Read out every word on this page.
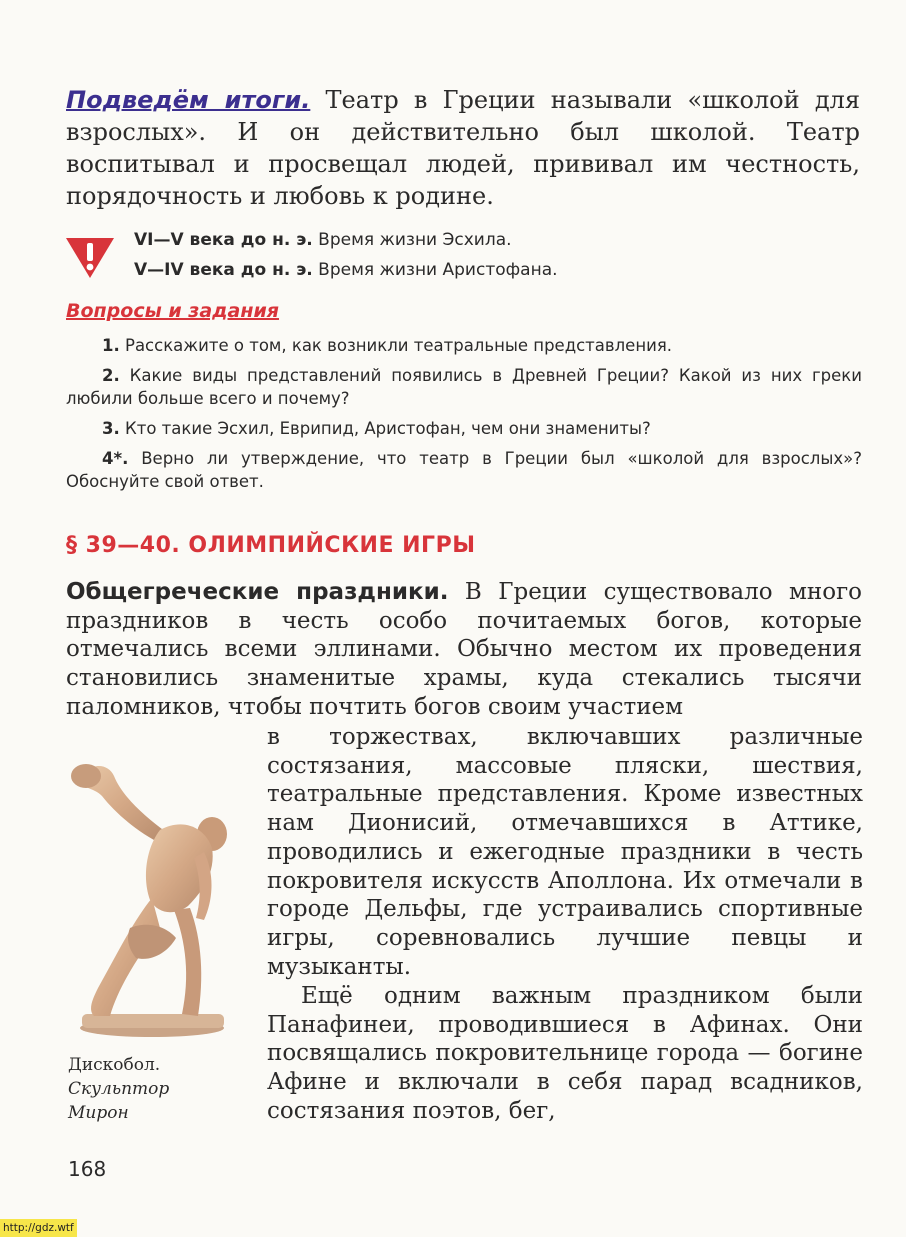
Подведём итоги. Театр в Греции называли «школой для взрослых». И он действительно был школой. Театр воспитывал и просвещал людей, прививал им честность, порядочность и любовь к родине.
VI—V века до н. э. Время жизни Эсхила.
V—IV века до н. э. Время жизни Аристофана.
Вопросы и задания
1. Расскажите о том, как возникли театральные представления.
2. Какие виды представлений появились в Древней Греции? Какой из них греки любили больше всего и почему?
3. Кто такие Эсхил, Еврипид, Аристофан, чем они знамениты?
4*. Верно ли утверждение, что театр в Греции был «школой для взрослых»? Обоснуйте свой ответ.
§ 39—40. ОЛИМПИЙСКИЕ ИГРЫ
Общегреческие праздники. В Греции существовало много праздников в честь особо почитаемых богов, которые отмечались всеми эллинами. Обычно местом их проведения становились знаменитые храмы, куда стекались тысячи паломников, чтобы почтить богов своим участием
в торжествах, включавших различные состязания, массовые пляски, шествия, театральные представления. Кроме известных нам Дионисий, отмечавшихся в Аттике, проводились и ежегодные праздники в честь покровителя искусств Аполлона. Их отмечали в городе Дельфы, где устраивались спортивные игры, соревновались лучшие певцы и музыканты.
Ещё одним важным праздником были Панафинеи, проводившиеся в Афинах. Они посвящались покровительнице города — богине Афине и включали в себя парад всадников, состязания поэтов, бег,
Дискобол.
Скульптор
Мирон
168
http://gdz.wtf
